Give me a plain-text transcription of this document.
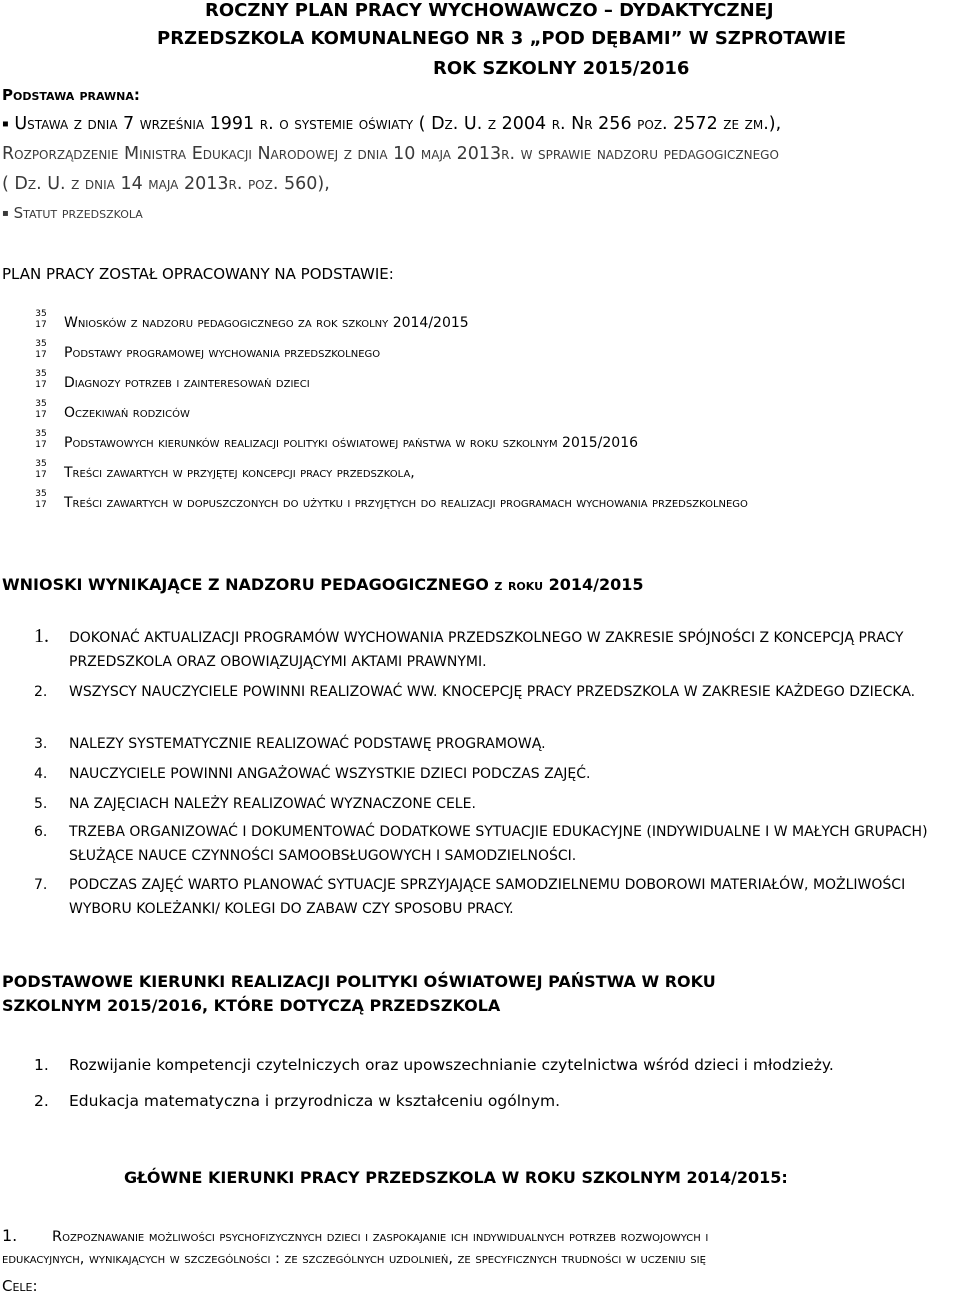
ROCZNY PLAN PRACY WYCHOWAWCZO – DYDAKTYCZNEJ
PRZEDSZKOLA KOMUNALNEGO NR 3 „POD DĘBAMI” W SZPROTAWIE
ROK SZKOLNY 2015/2016
Podstawa prawna:
▪ Ustawa z dnia 7 września 1991 r. o systemie oświaty ( Dz. U. z 2004 r. Nr 256 poz. 2572 ze zm.),
Rozporządzenie Ministra Edukacji Narodowej z dnia 10 maja 2013r. w sprawie nadzoru pedagogicznego
( Dz. U. z dnia 14 maja 2013r. poz. 560),
▪ Statut przedszkola
PLAN PRACY ZOSTAŁ OPRACOWANY NA PODSTAWIE:
35
17 Wniosków z nadzoru pedagogicznego za rok szkolny 2014/2015
35
17 Podstawy programowej wychowania przedszkolnego
35
17 Diagnozy potrzeb i zainteresowań dzieci
35
17 Oczekiwań rodziców
35
17 Podstawowych kierunków realizacji polityki oświatowej państwa w roku szkolnym 2015/2016
35
17 Treści zawartych w przyjętej koncepcji pracy przedszkola,
35
17 Treści zawartych w dopuszczonych do użytku i przyjętych do realizacji programach wychowania przedszkolnego
WNIOSKI WYNIKAJĄCE Z NADZORU PEDAGOGICZNEGO z roku 2014/2015
1. DOKONAĆ AKTUALIZACJI PROGRAMÓW WYCHOWANIA PRZEDSZKOLNEGO W ZAKRESIE SPÓJNOŚCI Z KONCEPCJĄ PRACY PRZEDSZKOLA ORAZ OBOWIĄZUJĄCYMI AKTAMI PRAWNYMI.
2. WSZYSCY NAUCZYCIELE POWINNI REALIZOWAĆ WW. KNOCEPCJĘ PRACY PRZEDSZKOLA W ZAKRESIE KAŻDEGO DZIECKA.
3. NALEZY SYSTEMATYCZNIE REALIZOWAĆ PODSTAWĘ PROGRAMOWĄ.
4. NAUCZYCIELE POWINNI ANGAŻOWAĆ WSZYSTKIE DZIECI PODCZAS ZAJĘĆ.
5. NA ZAJĘCIACH NALEŻY REALIZOWAĆ WYZNACZONE CELE.
6. TRZEBA ORGANIZOWAĆ I DOKUMENTOWAĆ DODATKOWE SYTUACJIE EDUKACYJNE (INDYWIDUALNE I W MAŁYCH GRUPACH) SŁUŻĄCE NAUCE CZYNNOŚCI SAMOOBSŁUGOWYCH I SAMODZIELNOŚCI.
7. PODCZAS ZAJĘĆ WARTO PLANOWAĆ SYTUACJE SPRZYJAJĄCE SAMODZIELNEMU DOBOROWI MATERIAŁÓW, MOŻLIWOŚCI WYBORU KOLEŻANKI/ KOLEGI DO ZABAW CZY SPOSOBU PRACY.
PODSTAWOWE KIERUNKI REALIZACJI POLITYKI OŚWIATOWEJ PAŃSTWA W ROKU
SZKOLNYM 2015/2016, KTÓRE DOTYCZĄ PRZEDSZKOLA
1. Rozwijanie kompetencji czytelniczych oraz upowszechnianie czytelnictwa wśród dzieci i młodzieży.
2. Edukacja matematyczna i przyrodnicza w kształceniu ogólnym.
GŁÓWNE KIERUNKI PRACY PRZEDSZKOLA W ROKU SZKOLNYM 2014/2015:
1. Rozpoznawanie możliwości psychofizycznych dzieci i zaspokajanie ich indywidualnych potrzeb rozwojowych i
edukacyjnych, wynikających w szczególności : ze szczególnych uzdolnień, ze specyficznych trudności w uczeniu się
Cele:
